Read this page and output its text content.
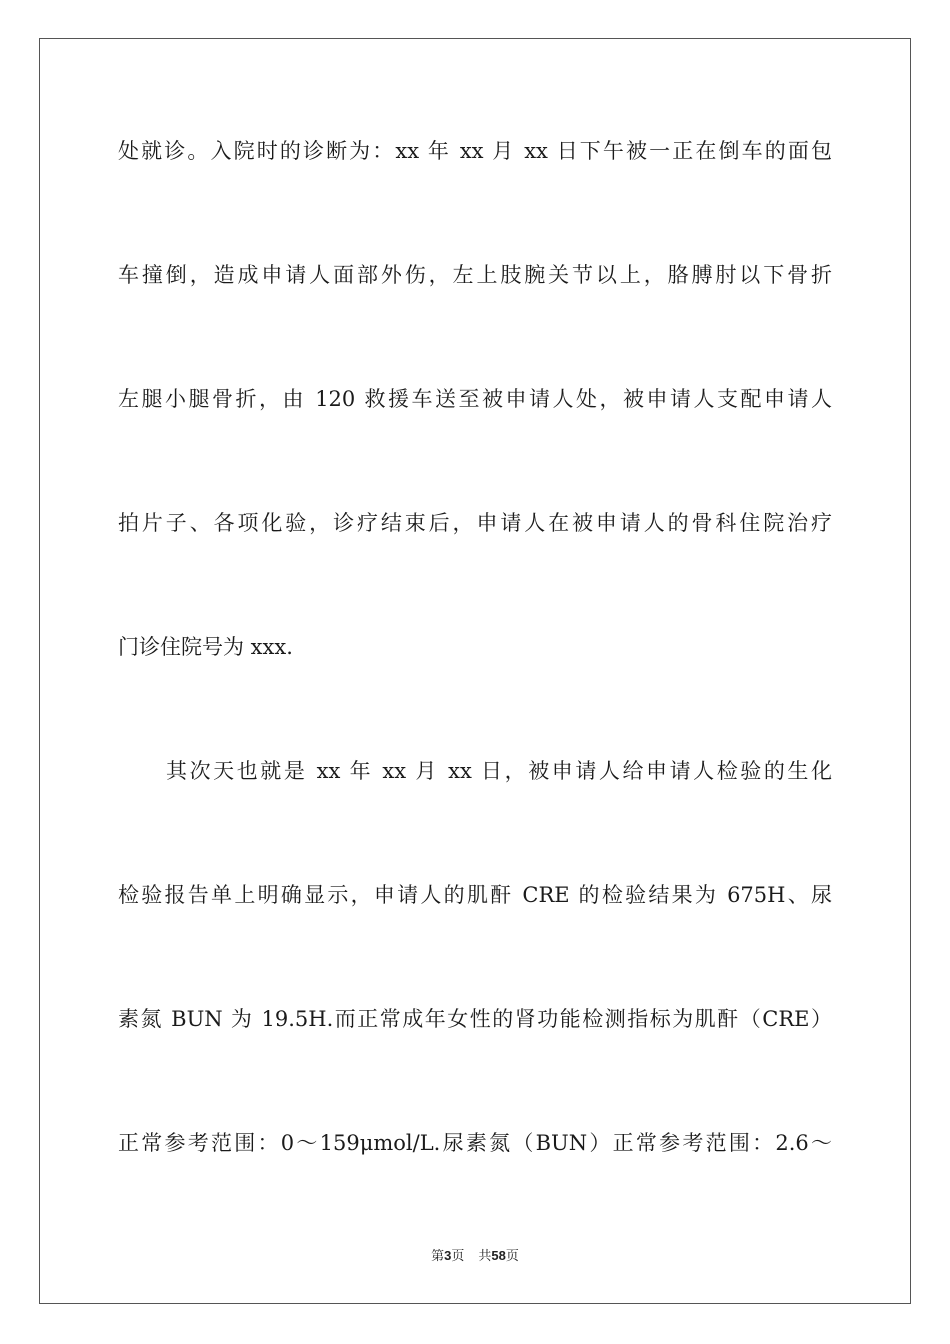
处就诊。入院时的诊断为：xx 年 xx 月 xx 日下午被一正在倒车的面包
车撞倒，造成申请人面部外伤，左上肢腕关节以上，胳膊肘以下骨折
左腿小腿骨折，由 120 救援车送至被申请人处，被申请人支配申请人
拍片子、各项化验，诊疗结束后，申请人在被申请人的骨科住院治疗
门诊住院号为 xxx.
其次天也就是 xx 年 xx 月 xx 日，被申请人给申请人检验的生化
检验报告单上明确显示，申请人的肌酐 CRE 的检验结果为 675H、尿
素氮 BUN 为 19.5H.而正常成年女性的肾功能检测指标为肌酐（CRE）
正常参考范围：0～159μmol/L.尿素氮（BUN）正常参考范围：2.6～
第3页 共58页
